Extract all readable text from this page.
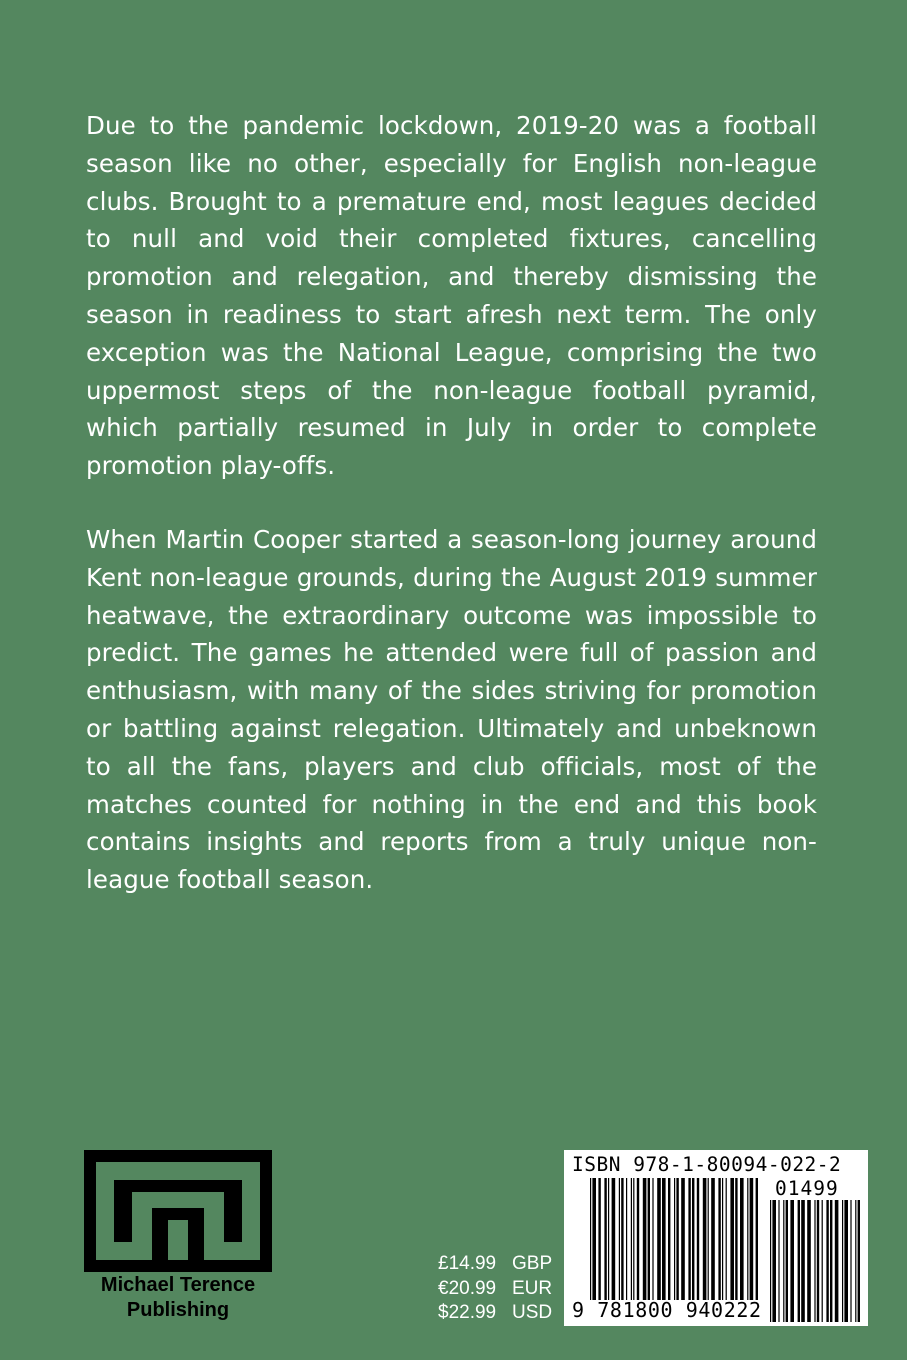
Due to the pandemic lockdown, 2019-20 was a football season like no other, especially for English non-league clubs. Brought to a premature end, most leagues decided to null and void their completed fixtures, cancelling promotion and relegation, and thereby dismissing the season in readiness to start afresh next term. The only exception was the National League, comprising the two uppermost steps of the non-league football pyramid, which partially resumed in July in order to complete promotion play-offs.

When Martin Cooper started a season-long journey around Kent non-league grounds, during the August 2019 summer heatwave, the extraordinary outcome was impossible to predict. The games he attended were full of passion and enthusiasm, with many of the sides striving for promotion or battling against relegation. Ultimately and unbeknown to all the fans, players and club officials, most of the matches counted for nothing in the end and this book contains insights and reports from a truly unique non-league football season.

Michael Terence
Publishing
£14.99 GBP
€20.99 EUR
$22.99 USD
ISBN 978-1-80094-022-2
01499
9 781800 940222
